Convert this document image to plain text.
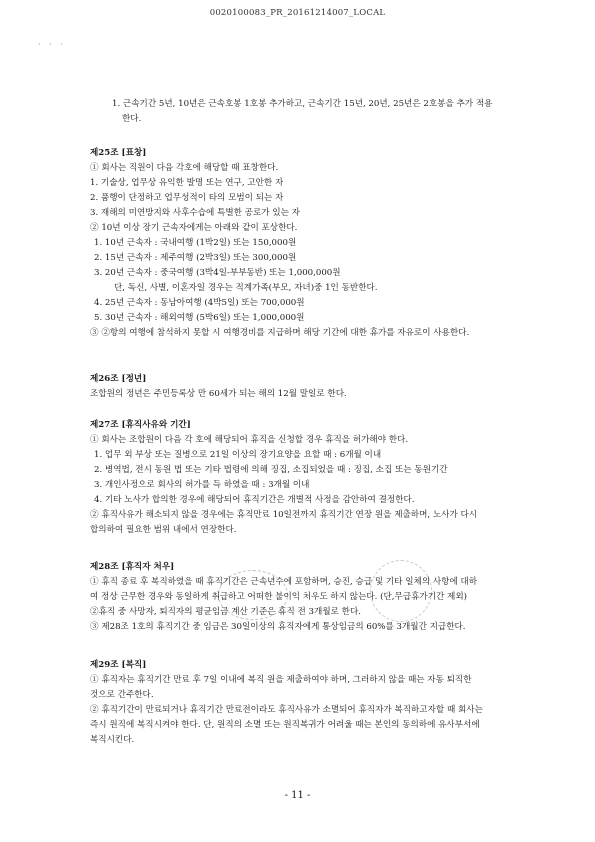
0020100083_PR_20161214007_LOCAL
· · ·
1. 근속기간 5년, 10년은 근속호봉 1호봉 추가하고, 근속기간 15년, 20년, 25년은 2호봉을 추가 적용
한다.
제25조 [표창]
① 회사는 직원이 다음 각호에 해당할 때 표창한다.
1. 기술상, 업무상 유익한 발명 또는 연구, 고안한 자
2. 품행이 단정하고 업무성적이 타의 모범이 되는 자
3. 재해의 미연방지와 사후수습에 특별한 공로가 있는 자
② 10년 이상 장기 근속자에게는 아래와 같이 포상한다.
1. 10년 근속자 : 국내여행 (1박2일) 또는 150,000원
2. 15년 근속자 : 제주여행 (2박3일) 또는 300,000원
3. 20년 근속자 : 중국여행 (3박4일-부부동반) 또는 1,000,000원
단, 독신, 사별, 이혼자일 경우는 직계가족(부모, 자녀)중 1인 동반한다.
4. 25년 근속자 : 동남아여행 (4박5일) 또는 700,000원
5. 30년 근속자 : 해외여행 (5박6일) 또는 1,000,000원
③ ②항의 여행에 참석하지 못할 시 여행경비를 지급하며 해당 기간에 대한 휴가를 자유로이 사용한다.
제26조 [정년]
조합원의 정년은 주민등록상 만 60세가 되는 해의 12월 말일로 한다.
제27조 [휴직사유와 기간]
① 회사는 조합원이 다음 각 호에 해당되어 휴직을 신청할 경우 휴직을 허가해야 한다.
1. 업무 외 부상 또는 질병으로 21일 이상의 장기요양을 요할 때 : 6개월 이내
2. 병역법, 전시 동원 법 또는 기타 법령에 의해 징집, 소집되었을 때 : 징집, 소집 또는 동원기간
3. 개인사정으로 회사의 허가를 득 하였을 때 : 3개월 이내
4. 기타 노사가 합의한 경우에 해당되어 휴직기간은 개별적 사정을 감안하여 결정한다.
② 휴직사유가 해소되지 않을 경우에는 휴직만료 10일전까지 휴직기간 연장 원을 제출하며, 노사가 다시
합의하여 필요한 범위 내에서 연장한다.
제28조 [휴직자 처우]
① 휴직 종료 후 복직하였을 때 휴직기간은 근속년수에 포함하며, 승진, 승급 및 기타 일체의 사항에 대하
여 정상 근무한 경우와 동일하게 취급하고 어떠한 불이익 처우도 하지 않는다. (단,무급휴가기간 제외)
②휴직 중 사망자, 퇴직자의 평균임금 계산 기준은 휴직 전 3개월로 한다.
③ 제28조 1호의 휴직기간 중 임금은 30일이상의 휴직자에게 통상임금의 60%를 3개월간 지급한다.
제29조 [복직]
① 휴직자는 휴직기간 만료 후 7일 이내에 복직 원을 제출하여야 하며, 그러하지 않을 때는 자동 퇴직한
것으로 간주한다.
② 휴직기간이 만료되거나 휴직기간 만료전이라도 휴직사유가 소멸되어 휴직자가 복직하고자할 때 회사는
즉시 원직에 복직시켜야 한다. 단, 원직의 소멸 또는 원직복귀가 어려울 때는 본인의 동의하에 유사부서에
복직시킨다.
- 11 -
